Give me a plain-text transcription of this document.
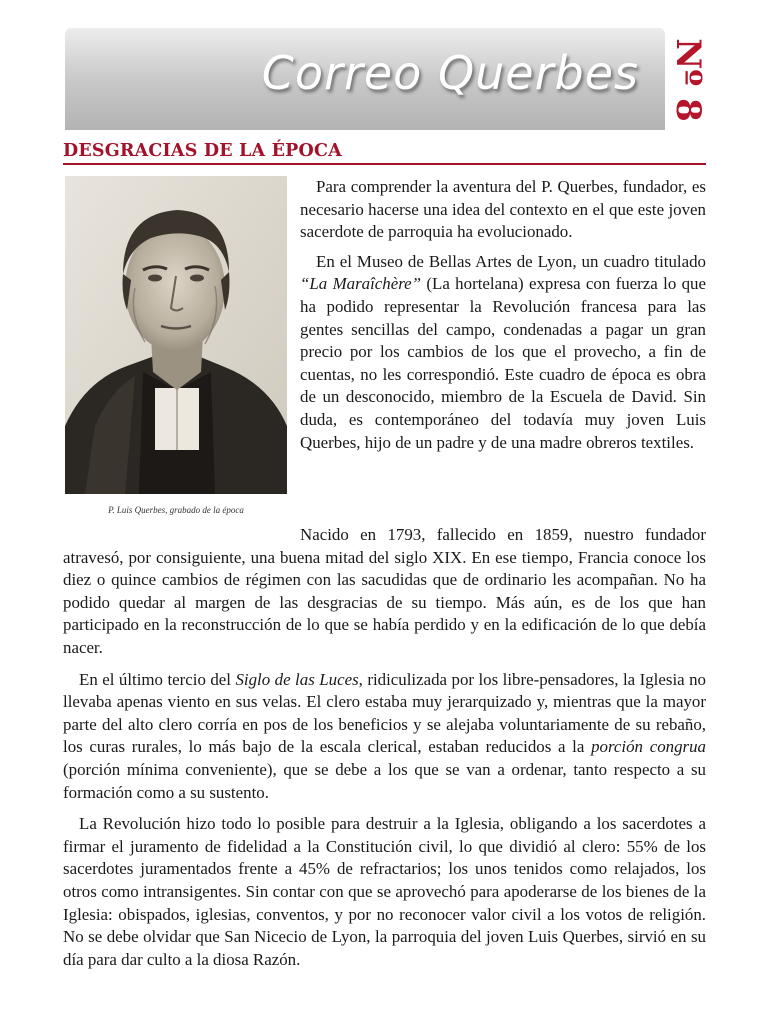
Correo Querbes Nº 8
DESGRACIAS DE LA ÉPOCA
P. Luis Querbes, grabado de la época

Para comprender la aventura del P. Querbes, fundador, es necesario hacerse una idea del contexto en el que este joven sacerdote de parroquia ha evolucionado.

En el Museo de Bellas Artes de Lyon, un cuadro titulado “La Maraîchère” (La hortelana) expresa con fuerza lo que ha podido representar la Revolución francesa para las gentes sencillas del campo, condenadas a pagar un gran precio por los cambios de los que el provecho, a fin de cuentas, no les correspondió. Este cuadro de época es obra de un desconocido, miembro de la Escuela de David. Sin duda, es contemporáneo del todavía muy joven Luis Querbes, hijo de un padre y de una madre obreros textiles.

Nacido en 1793, fallecido en 1859, nuestro fundador atravesó, por consiguiente, una buena mitad del siglo XIX. En ese tiempo, Francia conoce los diez o quince cambios de régimen con las sacudidas que de ordinario les acompañan. No ha podido quedar al margen de las desgracias de su tiempo. Más aún, es de los que han participado en la reconstrucción de lo que se había perdido y en la edificación de lo que debía nacer.

En el último tercio del Siglo de las Luces, ridiculizada por los libre-pensadores, la Iglesia no llevaba apenas viento en sus velas. El clero estaba muy jerarquizado y, mientras que la mayor parte del alto clero corría en pos de los beneficios y se alejaba voluntariamente de su rebaño, los curas rurales, lo más bajo de la escala clerical, estaban reducidos a la porción congrua (porción mínima conveniente), que se debe a los que se van a ordenar, tanto respecto a su formación como a su sustento.

La Revolución hizo todo lo posible para destruir a la Iglesia, obligando a los sacerdotes a firmar el juramento de fidelidad a la Constitución civil, lo que dividió al clero: 55% de los sacerdotes juramentados frente a 45% de refractarios; los unos tenidos como relajados, los otros como intransigentes. Sin contar con que se aprovechó para apoderarse de los bienes de la Iglesia: obispados, iglesias, conventos, y por no reconocer valor civil a los votos de religión. No se debe olvidar que San Nicecio de Lyon, la parroquia del joven Luis Querbes, sirvió en su día para dar culto a la diosa Razón.
